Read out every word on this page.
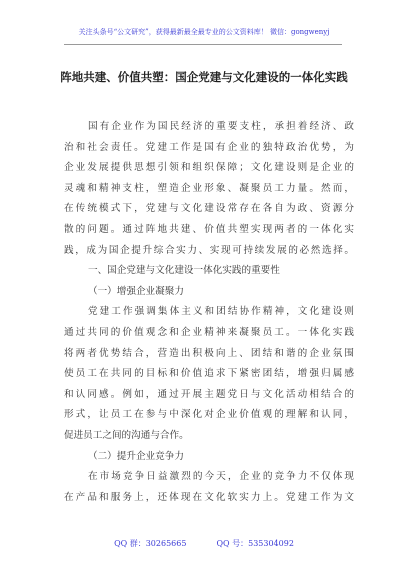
关注头条号“公文研究”，获得最新最全最专业的公文资料库！ 微信：gongwenyj
阵地共建、价值共塑：国企党建与文化建设的一体化实践
国有企业作为国民经济的重要支柱，承担着经济、政
治和社会责任。党建工作是国有企业的独特政治优势，为
企业发展提供思想引领和组织保障；文化建设则是企业的
灵魂和精神支柱，塑造企业形象、凝聚员工力量。然而，
在传统模式下，党建与文化建设常存在各自为政、资源分
散的问题。通过阵地共建、价值共塑实现两者的一体化实
践，成为国企提升综合实力、实现可持续发展的必然选择。
一、国企党建与文化建设一体化实践的重要性
（一）增强企业凝聚力
党建工作强调集体主义和团结协作精神，文化建设则
通过共同的价值观念和企业精神来凝聚员工。一体化实践
将两者优势结合，营造出积极向上、团结和谐的企业氛围
使员工在共同的目标和价值追求下紧密团结，增强归属感
和认同感。例如，通过开展主题党日与文化活动相结合的
形式，让员工在参与中深化对企业价值观的理解和认同，
促进员工之间的沟通与合作。
（二）提升企业竞争力
在市场竞争日益激烈的今天，企业的竞争力不仅体现
在产品和服务上，还体现在文化软实力上。党建工作为文
QQ 群：30265665	QQ 号：535304092
